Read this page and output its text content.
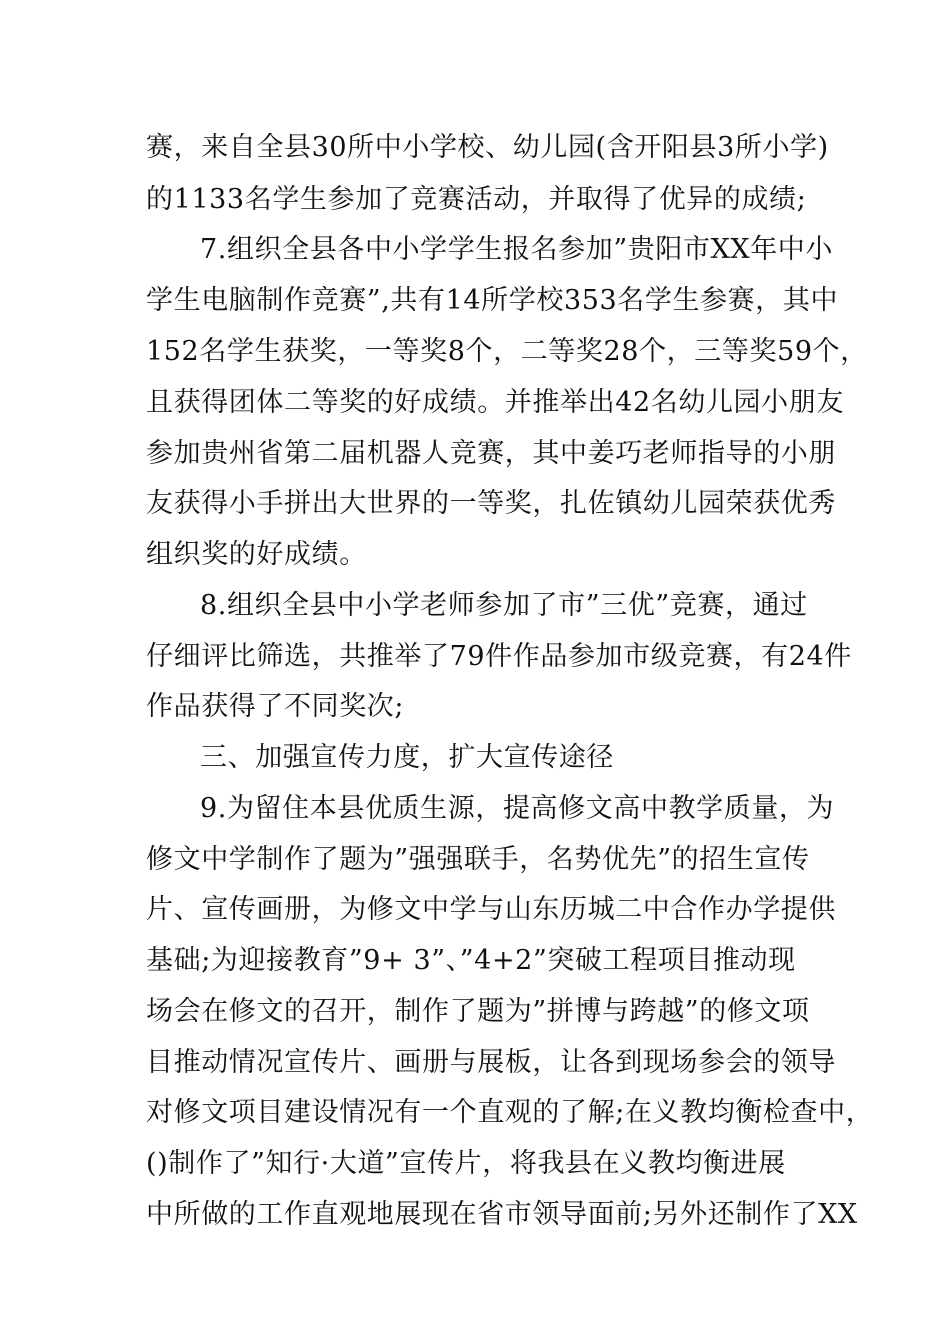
赛，来自全县30所中小学校、幼儿园(含开阳县3所小学)
的1133名学生参加了竞赛活动，并取得了优异的成绩;
7.组织全县各中小学学生报名参加”贵阳市XX年中小
学生电脑制作竞赛”,共有14所学校353名学生参赛，其中
152名学生获奖，一等奖8个，二等奖28个，三等奖59个，
且获得团体二等奖的好成绩。并推举出42名幼儿园小朋友
参加贵州省第二届机器人竞赛，其中姜巧老师指导的小朋
友获得小手拼出大世界的一等奖，扎佐镇幼儿园荣获优秀
组织奖的好成绩。
8.组织全县中小学老师参加了市”三优”竞赛，通过
仔细评比筛选，共推举了79件作品参加市级竞赛，有24件
作品获得了不同奖次;
三、加强宣传力度，扩大宣传途径
9.为留住本县优质生源，提高修文高中教学质量，为
修文中学制作了题为”强强联手，名势优先”的招生宣传
片、宣传画册，为修文中学与山东历城二中合作办学提供
基础;为迎接教育”9+ 3”、”4+2”突破工程项目推动现
场会在修文的召开，制作了题为”拼博与跨越”的修文项
目推动情况宣传片、画册与展板，让各到现场参会的领导
对修文项目建设情况有一个直观的了解;在义教均衡检查中，
()制作了”知行·大道”宣传片，将我县在义教均衡进展
中所做的工作直观地展现在省市领导面前;另外还制作了XX
